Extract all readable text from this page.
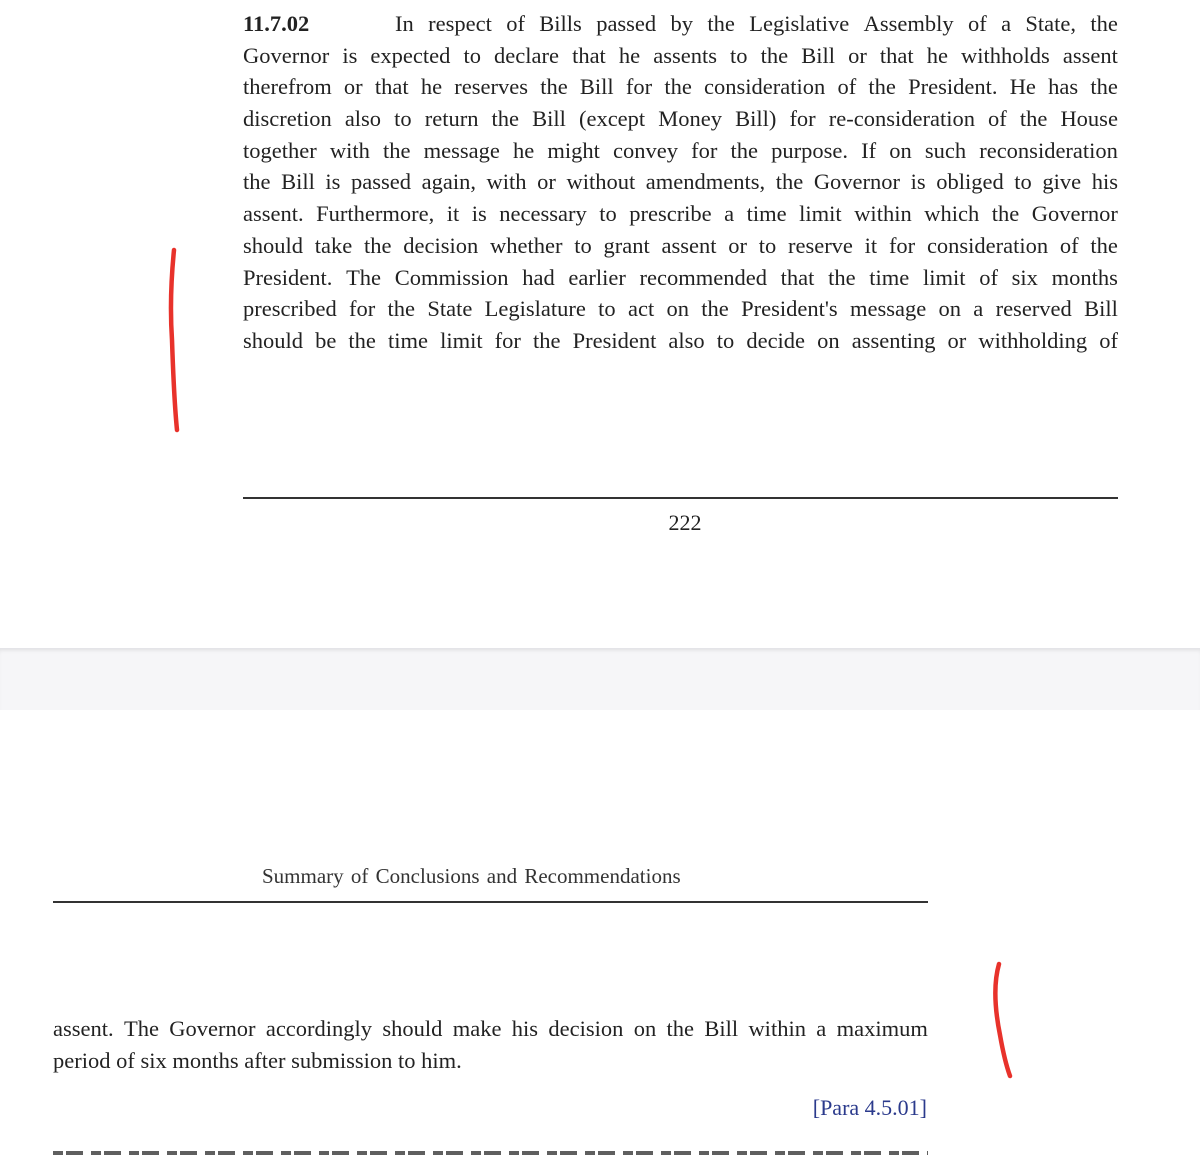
11.7.02	In respect of Bills passed by the Legislative Assembly of a State, the
Governor is expected to declare that he assents to the Bill or that he withholds assent
therefrom or that he reserves the Bill for the consideration of the President. He has the
discretion also to return the Bill (except Money Bill) for re-consideration of the House
together with the message he might convey for the purpose. If on such reconsideration
the Bill is passed again, with or without amendments, the Governor is obliged to give his
assent. Furthermore, it is necessary to prescribe a time limit within which the Governor
should take the decision whether to grant assent or to reserve it for consideration of the
President. The Commission had earlier recommended that the time limit of six months
prescribed for the State Legislature to act on the President's message on a reserved Bill
should be the time limit for the President also to decide on assenting or withholding of
222
Summary of Conclusions and Recommendations
assent. The Governor accordingly should make his decision on the Bill within a maximum
period of six months after submission to him.
[Para 4.5.01]
